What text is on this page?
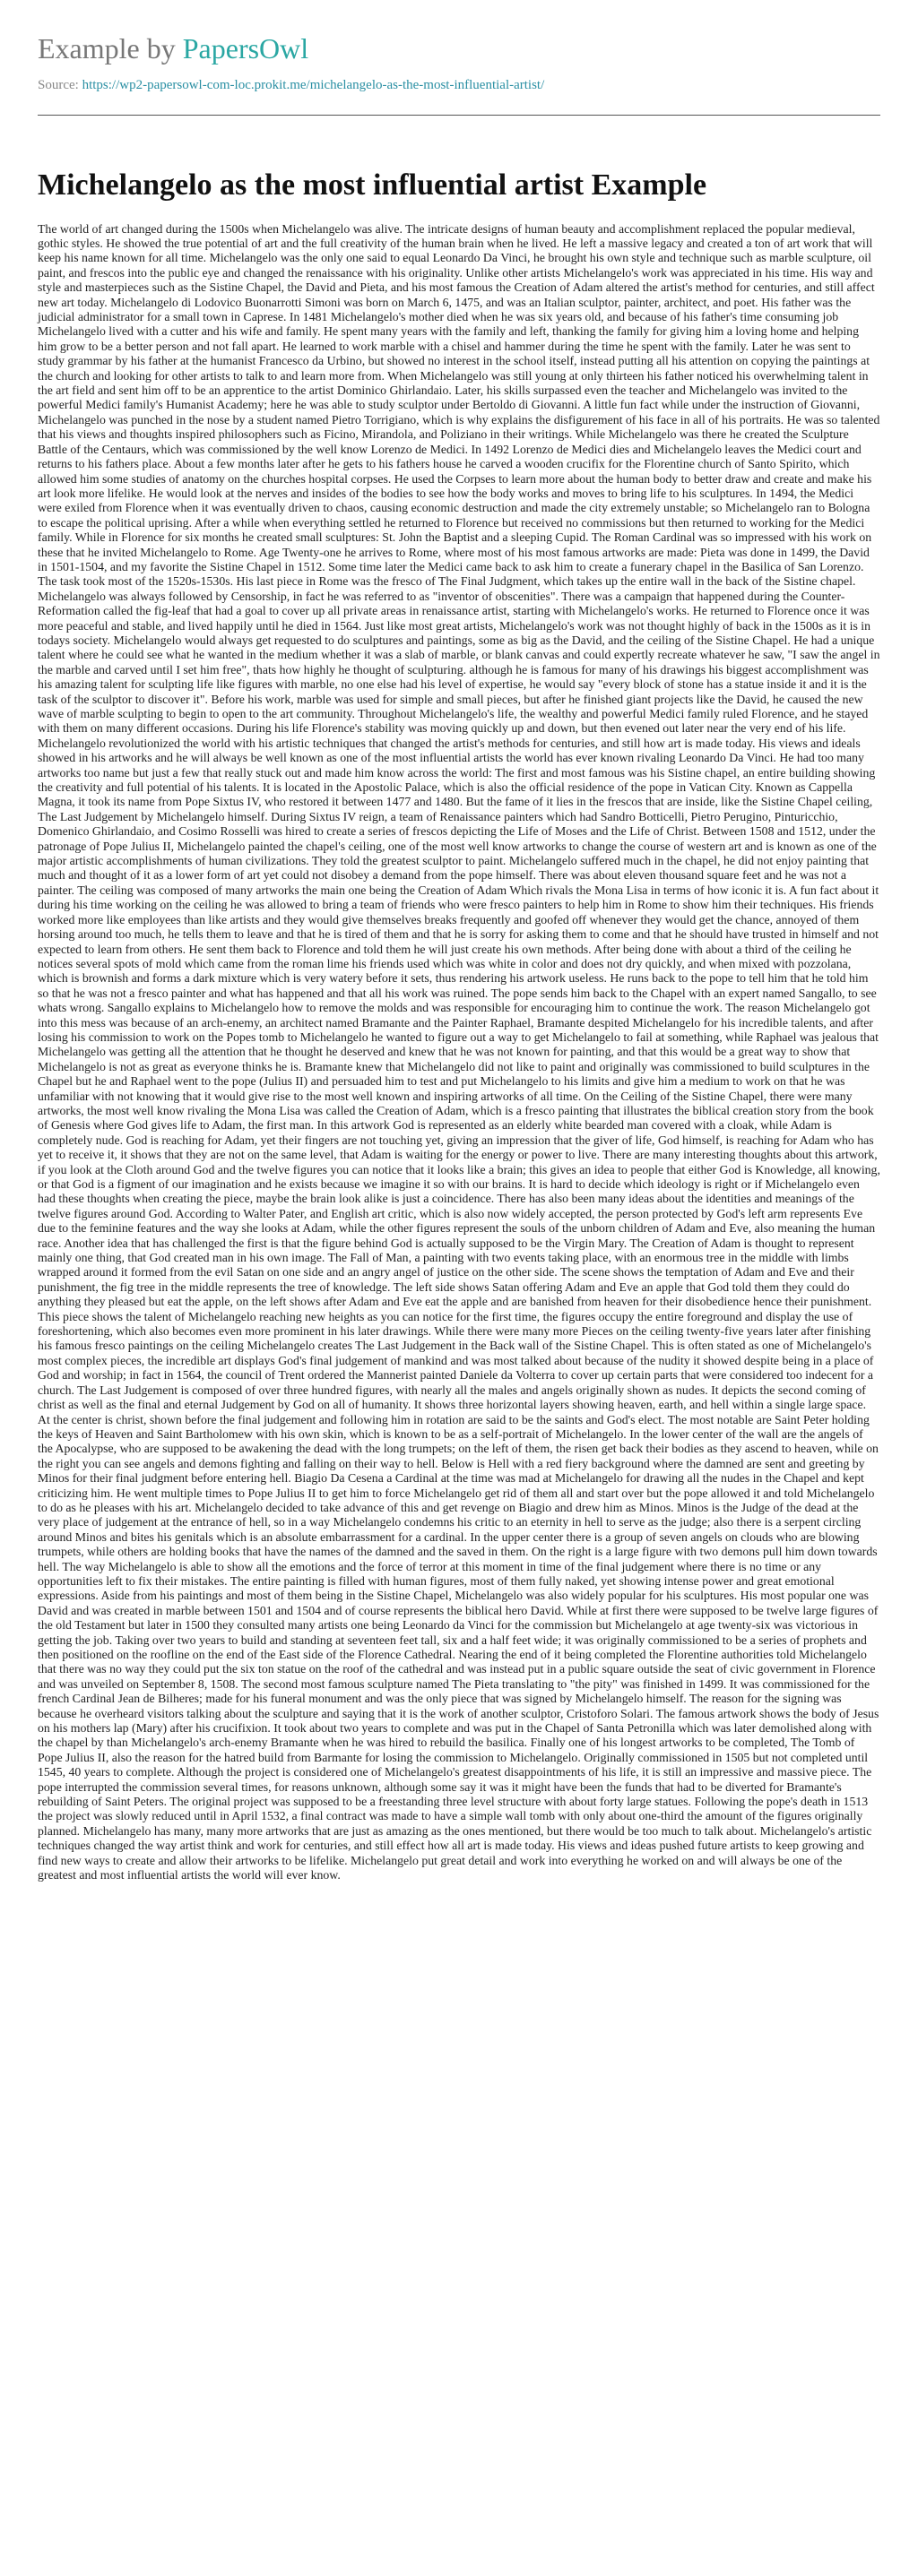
Example by PapersOwl
Source: https://wp2-papersowl-com-loc.prokit.me/michelangelo-as-the-most-influential-artist/
Michelangelo as the most influential artist Example

The world of art changed during the 1500s when Michelangelo was alive. The intricate designs of human beauty and accomplishment replaced the popular medieval, gothic styles. He showed the true potential of art and the full creativity of the human brain when he lived. He left a massive legacy and created a ton of art work that will keep his name known for all time. Michelangelo was the only one said to equal Leonardo Da Vinci, he brought his own style and technique such as marble sculpture, oil paint, and frescos into the public eye and changed the renaissance with his originality. Unlike other artists Michelangelo's work was appreciated in his time. His way and style and masterpieces such as the Sistine Chapel, the David and Pieta, and his most famous the Creation of Adam altered the artist's method for centuries, and still affect new art today. Michelangelo di Lodovico Buonarrotti Simoni was born on March 6, 1475, and was an Italian sculptor, painter, architect, and poet. His father was the judicial administrator for a small town in Caprese. In 1481 Michelangelo's mother died when he was six years old, and because of his father's time consuming job Michelangelo lived with a cutter and his wife and family. He spent many years with the family and left, thanking the family for giving him a loving home and helping him grow to be a better person and not fall apart. He learned to work marble with a chisel and hammer during the time he spent with the family. Later he was sent to study grammar by his father at the humanist Francesco da Urbino, but showed no interest in the school itself, instead putting all his attention on copying the paintings at the church and looking for other artists to talk to and learn more from. When Michelangelo was still young at only thirteen his father noticed his overwhelming talent in the art field and sent him off to be an apprentice to the artist Dominico Ghirlandaio. Later, his skills surpassed even the teacher and Michelangelo was invited to the powerful Medici family's Humanist Academy; here he was able to study sculptor under Bertoldo di Giovanni. A little fun fact while under the instruction of Giovanni, Michelangelo was punched in the nose by a student named Pietro Torrigiano, which is why explains the disfigurement of his face in all of his portraits. He was so talented that his views and thoughts inspired philosophers such as Ficino, Mirandola, and Poliziano in their writings. While Michelangelo was there he created the Sculpture Battle of the Centaurs, which was commissioned by the well know Lorenzo de Medici. In 1492 Lorenzo de Medici dies and Michelangelo leaves the Medici court and returns to his fathers place. About a few months later after he gets to his fathers house he carved a wooden crucifix for the Florentine church of Santo Spirito, which allowed him some studies of anatomy on the churches hospital corpses. He used the Corpses to learn more about the human body to better draw and create and make his art look more lifelike. He would look at the nerves and insides of the bodies to see how the body works and moves to bring life to his sculptures. In 1494, the Medici were exiled from Florence when it was eventually driven to chaos, causing economic destruction and made the city extremely unstable; so Michelangelo ran to Bologna to escape the political uprising. After a while when everything settled he returned to Florence but received no commissions but then returned to working for the Medici family. While in Florence for six months he created small sculptures: St. John the Baptist and a sleeping Cupid. The Roman Cardinal was so impressed with his work on these that he invited Michelangelo to Rome. Age Twenty-one he arrives to Rome, where most of his most famous artworks are made: Pieta was done in 1499, the David in 1501-1504, and my favorite the Sistine Chapel in 1512. Some time later the Medici came back to ask him to create a funerary chapel in the Basilica of San Lorenzo. The task took most of the 1520s-1530s. His last piece in Rome was the fresco of The Final Judgment, which takes up the entire wall in the back of the Sistine chapel. Michelangelo was always followed by Censorship, in fact he was referred to as "inventor of obscenities". There was a campaign that happened during the Counter-Reformation called the fig-leaf that had a goal to cover up all private areas in renaissance artist, starting with Michelangelo's works. He returned to Florence once it was more peaceful and stable, and lived happily until he died in 1564. Just like most great artists, Michelangelo's work was not thought highly of back in the 1500s as it is in todays society. Michelangelo would always get requested to do sculptures and paintings, some as big as the David, and the ceiling of the Sistine Chapel. He had a unique talent where he could see what he wanted in the medium whether it was a slab of marble, or blank canvas and could expertly recreate whatever he saw, "I saw the angel in the marble and carved until I set him free", thats how highly he thought of sculpturing. although he is famous for many of his drawings his biggest accomplishment was his amazing talent for sculpting life like figures with marble, no one else had his level of expertise, he would say "every block of stone has a statue inside it and it is the task of the sculptor to discover it". Before his work, marble was used for simple and small pieces, but after he finished giant projects like the David, he caused the new wave of marble sculpting to begin to open to the art community. Throughout Michelangelo's life, the wealthy and powerful Medici family ruled Florence, and he stayed with them on many different occasions. During his life Florence's stability was moving quickly up and down, but then evened out later near the very end of his life. Michelangelo revolutionized the world with his artistic techniques that changed the artist's methods for centuries, and still how art is made today. His views and ideals showed in his artworks and he will always be well known as one of the most influential artists the world has ever known rivaling Leonardo Da Vinci. He had too many artworks too name but just a few that really stuck out and made him know across the world: The first and most famous was his Sistine chapel, an entire building showing the creativity and full potential of his talents. It is located in the Apostolic Palace, which is also the official residence of the pope in Vatican City. Known as Cappella Magna, it took its name from Pope Sixtus IV, who restored it between 1477 and 1480. But the fame of it lies in the frescos that are inside, like the Sistine Chapel ceiling, The Last Judgement by Michelangelo himself. During Sixtus IV reign, a team of Renaissance painters which had Sandro Botticelli, Pietro Perugino, Pinturicchio, Domenico Ghirlandaio, and Cosimo Rosselli was hired to create a series of frescos depicting the Life of Moses and the Life of Christ. Between 1508 and 1512, under the patronage of Pope Julius II, Michelangelo painted the chapel's ceiling, one of the most well know artworks to change the course of western art and is known as one of the major artistic accomplishments of human civilizations. They told the greatest sculptor to paint. Michelangelo suffered much in the chapel, he did not enjoy painting that much and thought of it as a lower form of art yet could not disobey a demand from the pope himself. There was about eleven thousand square feet and he was not a painter. The ceiling was composed of many artworks the main one being the Creation of Adam Which rivals the Mona Lisa in terms of how iconic it is. A fun fact about it during his time working on the ceiling he was allowed to bring a team of friends who were fresco painters to help him in Rome to show him their techniques. His friends worked more like employees than like artists and they would give themselves breaks frequently and goofed off whenever they would get the chance, annoyed of them horsing around too much, he tells them to leave and that he is tired of them and that he is sorry for asking them to come and that he should have trusted in himself and not expected to learn from others. He sent them back to Florence and told them he will just create his own methods. After being done with about a third of the ceiling he notices several spots of mold which came from the roman lime his friends used which was white in color and does not dry quickly, and when mixed with pozzolana, which is brownish and forms a dark mixture which is very watery before it sets, thus rendering his artwork useless. He runs back to the pope to tell him that he told him so that he was not a fresco painter and what has happened and that all his work was ruined. The pope sends him back to the Chapel with an expert named Sangallo, to see whats wrong. Sangallo explains to Michelangelo how to remove the molds and was responsible for encouraging him to continue the work. The reason Michelangelo got into this mess was because of an arch-enemy, an architect named Bramante and the Painter Raphael, Bramante despited Michelangelo for his incredible talents, and after losing his commission to work on the Popes tomb to Michelangelo he wanted to figure out a way to get Michelangelo to fail at something, while Raphael was jealous that Michelangelo was getting all the attention that he thought he deserved and knew that he was not known for painting, and that this would be a great way to show that Michelangelo is not as great as everyone thinks he is. Bramante knew that Michelangelo did not like to paint and originally was commissioned to build sculptures in the Chapel but he and Raphael went to the pope (Julius II) and persuaded him to test and put Michelangelo to his limits and give him a medium to work on that he was unfamiliar with not knowing that it would give rise to the most well known and inspiring artworks of all time. On the Ceiling of the Sistine Chapel, there were many artworks, the most well know rivaling the Mona Lisa was called the Creation of Adam, which is a fresco painting that illustrates the biblical creation story from the book of Genesis where God gives life to Adam, the first man. In this artwork God is represented as an elderly white bearded man covered with a cloak, while Adam is completely nude. God is reaching for Adam, yet their fingers are not touching yet, giving an impression that the giver of life, God himself, is reaching for Adam who has yet to receive it, it shows that they are not on the same level, that Adam is waiting for the energy or power to live. There are many interesting thoughts about this artwork, if you look at the Cloth around God and the twelve figures you can notice that it looks like a brain; this gives an idea to people that either God is Knowledge, all knowing, or that God is a figment of our imagination and he exists because we imagine it so with our brains. It is hard to decide which ideology is right or if Michelangelo even had these thoughts when creating the piece, maybe the brain look alike is just a coincidence. There has also been many ideas about the identities and meanings of the twelve figures around God. According to Walter Pater, and English art critic, which is also now widely accepted, the person protected by God's left arm represents Eve due to the feminine features and the way she looks at Adam, while the other figures represent the souls of the unborn children of Adam and Eve, also meaning the human race. Another idea that has challenged the first is that the figure behind God is actually supposed to be the Virgin Mary. The Creation of Adam is thought to represent mainly one thing, that God created man in his own image. The Fall of Man, a painting with two events taking place, with an enormous tree in the middle with limbs wrapped around it formed from the evil Satan on one side and an angry angel of justice on the other side. The scene shows the temptation of Adam and Eve and their punishment, the fig tree in the middle represents the tree of knowledge. The left side shows Satan offering Adam and Eve an apple that God told them they could do anything they pleased but eat the apple, on the left shows after Adam and Eve eat the apple and are banished from heaven for their disobedience hence their punishment. This piece shows the talent of Michelangelo reaching new heights as you can notice for the first time, the figures occupy the entire foreground and display the use of foreshortening, which also becomes even more prominent in his later drawings. While there were many more Pieces on the ceiling twenty-five years later after finishing his famous fresco paintings on the ceiling Michelangelo creates The Last Judgement in the Back wall of the Sistine Chapel. This is often stated as one of Michelangelo's most complex pieces, the incredible art displays God's final judgement of mankind and was most talked about because of the nudity it showed despite being in a place of God and worship; in fact in 1564, the council of Trent ordered the Mannerist painted Daniele da Volterra to cover up certain parts that were considered too indecent for a church. The Last Judgement is composed of over three hundred figures, with nearly all the males and angels originally shown as nudes. It depicts the second coming of christ as well as the final and eternal Judgement by God on all of humanity. It shows three horizontal layers showing heaven, earth, and hell within a single large space. At the center is christ, shown before the final judgement and following him in rotation are said to be the saints and God's elect. The most notable are Saint Peter holding the keys of Heaven and Saint Bartholomew with his own skin, which is known to be as a self-portrait of Michelangelo. In the lower center of the wall are the angels of the Apocalypse, who are supposed to be awakening the dead with the long trumpets; on the left of them, the risen get back their bodies as they ascend to heaven, while on the right you can see angels and demons fighting and falling on their way to hell. Below is Hell with a red fiery background where the damned are sent and greeting by Minos for their final judgment before entering hell. Biagio Da Cesena a Cardinal at the time was mad at Michelangelo for drawing all the nudes in the Chapel and kept criticizing him. He went multiple times to Pope Julius II to get him to force Michelangelo get rid of them all and start over but the pope allowed it and told Michelangelo to do as he pleases with his art. Michelangelo decided to take advance of this and get revenge on Biagio and drew him as Minos. Minos is the Judge of the dead at the very place of judgement at the entrance of hell, so in a way Michelangelo condemns his critic to an eternity in hell to serve as the judge; also there is a serpent circling around Minos and bites his genitals which is an absolute embarrassment for a cardinal. In the upper center there is a group of seven angels on clouds who are blowing trumpets, while others are holding books that have the names of the damned and the saved in them. On the right is a large figure with two demons pull him down towards hell. The way Michelangelo is able to show all the emotions and the force of terror at this moment in time of the final judgement where there is no time or any opportunities left to fix their mistakes. The entire painting is filled with human figures, most of them fully naked, yet showing intense power and great emotional expressions. Aside from his paintings and most of them being in the Sistine Chapel, Michelangelo was also widely popular for his sculptures. His most popular one was David and was created in marble between 1501 and 1504 and of course represents the biblical hero David. While at first there were supposed to be twelve large figures of the old Testament but later in 1500 they consulted many artists one being Leonardo da Vinci for the commission but Michelangelo at age twenty-six was victorious in getting the job. Taking over two years to build and standing at seventeen feet tall, six and a half feet wide; it was originally commissioned to be a series of prophets and then positioned on the roofline on the end of the East side of the Florence Cathedral. Nearing the end of it being completed the Florentine authorities told Michelangelo that there was no way they could put the six ton statue on the roof of the cathedral and was instead put in a public square outside the seat of civic government in Florence and was unveiled on September 8, 1508. The second most famous sculpture named The Pieta translating to "the pity" was finished in 1499. It was commissioned for the french Cardinal Jean de Bilheres; made for his funeral monument and was the only piece that was signed by Michelangelo himself. The reason for the signing was because he overheard visitors talking about the sculpture and saying that it is the work of another sculptor, Cristoforo Solari. The famous artwork shows the body of Jesus on his mothers lap (Mary) after his crucifixion. It took about two years to complete and was put in the Chapel of Santa Petronilla which was later demolished along with the chapel by than Michelangelo's arch-enemy Bramante when he was hired to rebuild the basilica. Finally one of his longest artworks to be completed, The Tomb of Pope Julius II, also the reason for the hatred build from Barmante for losing the commission to Michelangelo. Originally commissioned in 1505 but not completed until 1545, 40 years to complete. Although the project is considered one of Michelangelo's greatest disappointments of his life, it is still an impressive and massive piece. The pope interrupted the commission several times, for reasons unknown, although some say it was it might have been the funds that had to be diverted for Bramante's rebuilding of Saint Peters. The original project was supposed to be a freestanding three level structure with about forty large statues. Following the pope's death in 1513 the project was slowly reduced until in April 1532, a final contract was made to have a simple wall tomb with only about one-third the amount of the figures originally planned. Michelangelo has many, many more artworks that are just as amazing as the ones mentioned, but there would be too much to talk about. Michelangelo's artistic techniques changed the way artist think and work for centuries, and still effect how all art is made today. His views and ideas pushed future artists to keep growing and find new ways to create and allow their artworks to be lifelike. Michelangelo put great detail and work into everything he worked on and will always be one of the greatest and most influential artists the world will ever know.
